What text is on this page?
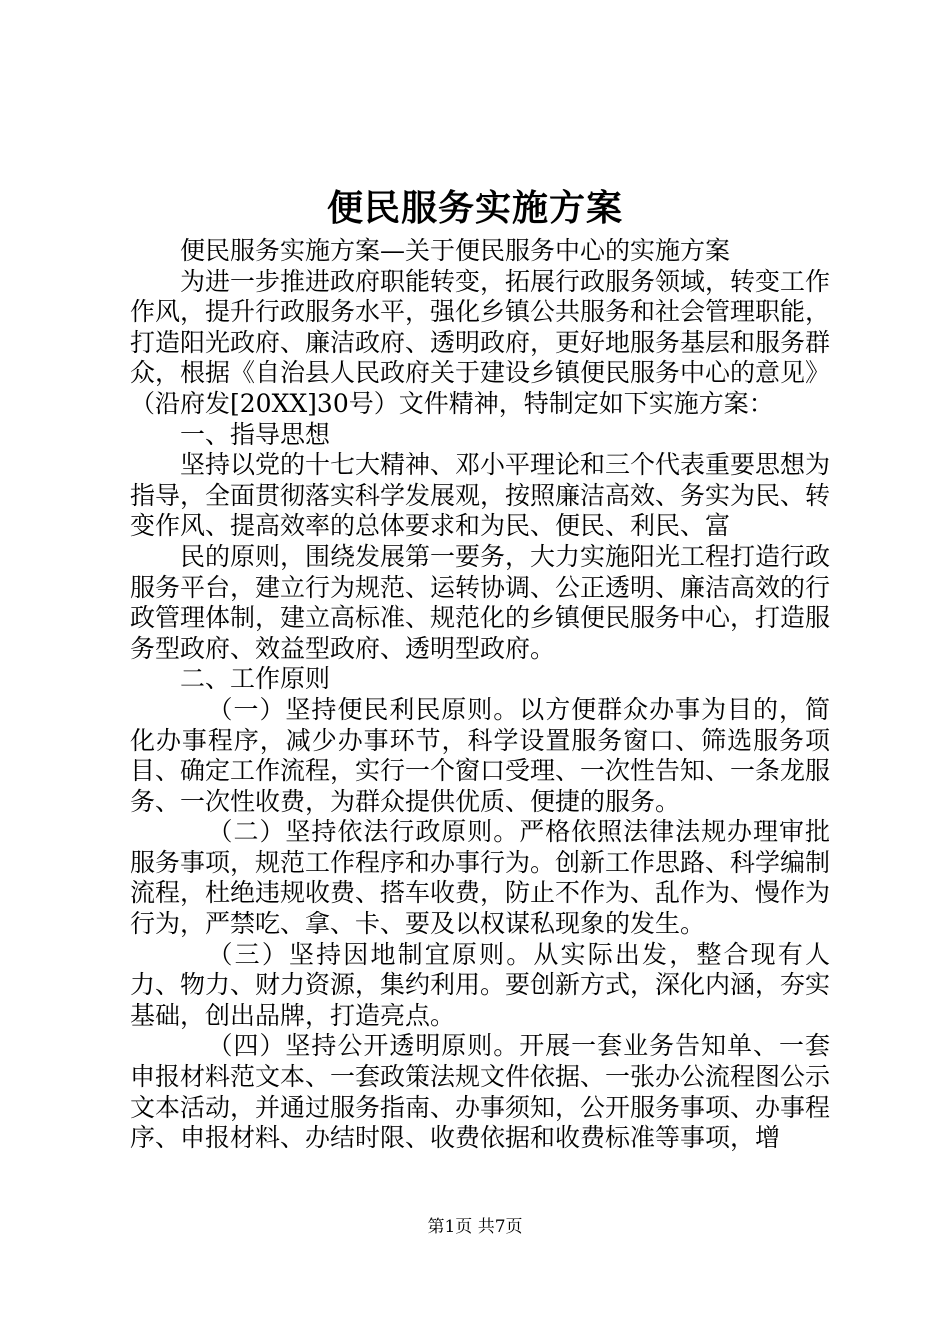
便民服务实施方案

便民服务实施方案—关于便民服务中心的实施方案

为进一步推进政府职能转变，拓展行政服务领域，转变工作作风，提升行政服务水平，强化乡镇公共服务和社会管理职能，打造阳光政府、廉洁政府、透明政府，更好地服务基层和服务群众，根据《自治县人民政府关于建设乡镇便民服务中心的意见》（沿府发[20XX]30号）文件精神，特制定如下实施方案：

一、指导思想

坚持以党的十七大精神、邓小平理论和三个代表重要思想为指导，全面贯彻落实科学发展观，按照廉洁高效、务实为民、转变作风、提高效率的总体要求和为民、便民、利民、富

民的原则，围绕发展第一要务，大力实施阳光工程打造行政服务平台，建立行为规范、运转协调、公正透明、廉洁高效的行政管理体制，建立高标准、规范化的乡镇便民服务中心，打造服务型政府、效益型政府、透明型政府。

二、工作原则

（一）坚持便民利民原则。以方便群众办事为目的，简化办事程序，减少办事环节，科学设置服务窗口、筛选服务项目、确定工作流程，实行一个窗口受理、一次性告知、一条龙服务、一次性收费，为群众提供优质、便捷的服务。

（二）坚持依法行政原则。严格依照法律法规办理审批服务事项，规范工作程序和办事行为。创新工作思路、科学编制流程，杜绝违规收费、搭车收费，防止不作为、乱作为、慢作为行为，严禁吃、拿、卡、要及以权谋私现象的发生。

（三）坚持因地制宜原则。从实际出发，整合现有人力、物力、财力资源，集约利用。要创新方式，深化内涵，夯实基础，创出品牌，打造亮点。

（四）坚持公开透明原则。开展一套业务告知单、一套申报材料范文本、一套政策法规文件依据、一张办公流程图公示文本活动，并通过服务指南、办事须知，公开服务事项、办事程序、申报材料、办结时限、收费依据和收费标准等事项，增

第1页 共7页
